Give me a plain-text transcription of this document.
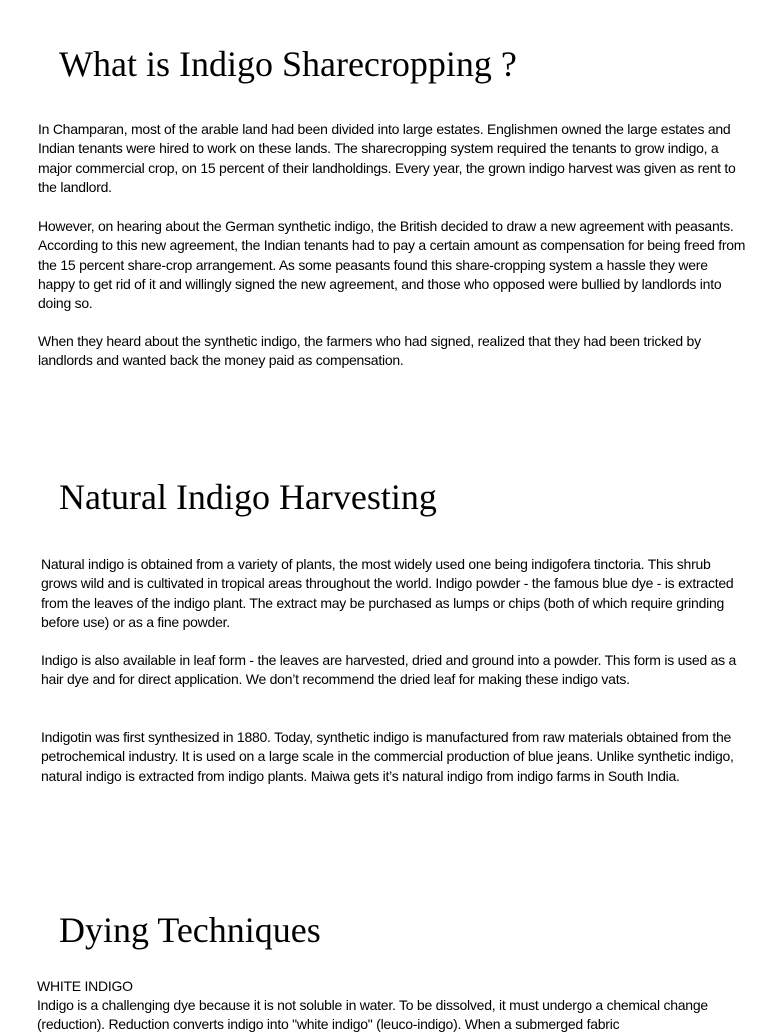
What is Indigo Sharecropping ?

In Champaran, most of the arable land had been divided into large estates. Englishmen owned the large estates and Indian tenants were hired to work on these lands. The sharecropping system required the tenants to grow indigo, a major commercial crop, on 15 percent of their landholdings. Every year, the grown indigo harvest was given as rent to the landlord.

However, on hearing about the German synthetic indigo, the British decided to draw a new agreement with peasants. According to this new agreement, the Indian tenants had to pay a certain amount as compensation for being freed from the 15 percent share-crop arrangement. As some peasants found this share-cropping system a hassle they were happy to get rid of it and willingly signed the new agreement, and those who opposed were bullied by landlords into doing so.

When they heard about the synthetic indigo, the farmers who had signed, realized that they had been tricked by landlords and wanted back the money paid as compensation.

Natural Indigo Harvesting

Natural indigo is obtained from a variety of plants, the most widely used one being indigofera tinctoria. This shrub grows wild and is cultivated in tropical areas throughout the world. Indigo powder - the famous blue dye - is extracted from the leaves of the indigo plant. The extract may be purchased as lumps or chips (both of which require grinding before use) or as a fine powder.

Indigo is also available in leaf form - the leaves are harvested, dried and ground into a powder. This form is used as a hair dye and for direct application. We don’t recommend the dried leaf for making these indigo vats.

Indigotin was first synthesized in 1880. Today, synthetic indigo is manufactured from raw materials obtained from the petrochemical industry. It is used on a large scale in the commercial production of blue jeans. Unlike synthetic indigo, natural indigo is extracted from indigo plants. Maiwa gets it’s natural indigo from indigo farms in South India.

Dying Techniques

WHITE INDIGO

Indigo is a challenging dye because it is not soluble in water. To be dissolved, it must undergo a chemical change (reduction). Reduction converts indigo into "white indigo" (leuco-indigo). When a submerged fabric
